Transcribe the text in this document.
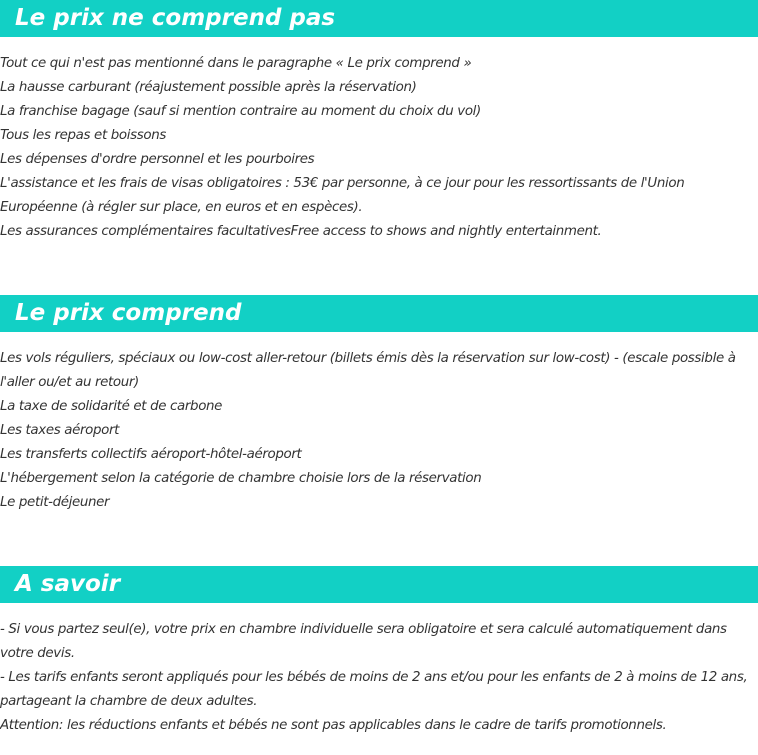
Le prix ne comprend pas

Tout ce qui n'est pas mentionné dans le paragraphe « Le prix comprend »

La hausse carburant (réajustement possible après la réservation)

La franchise bagage (sauf si mention contraire au moment du choix du vol)

Tous les repas et boissons

Les dépenses d'ordre personnel et les pourboires

L'assistance et les frais de visas obligatoires : 53€ par personne, à ce jour pour les ressortissants de l'Union Européenne (à régler sur place, en euros et en espèces).

Les assurances complémentaires facultativesFree access to shows and nightly entertainment.

Le prix comprend

Les vols réguliers, spéciaux ou low-cost aller-retour (billets émis dès la réservation sur low-cost) - (escale possible à l'aller ou/et au retour)

La taxe de solidarité et de carbone

Les taxes aéroport

Les transferts collectifs aéroport-hôtel-aéroport

L'hébergement selon la catégorie de chambre choisie lors de la réservation

Le petit-déjeuner

A savoir

- Si vous partez seul(e), votre prix en chambre individuelle sera obligatoire et sera calculé automatiquement dans votre devis.

- Les tarifs enfants seront appliqués pour les bébés de moins de 2 ans et/ou pour les enfants de 2 à moins de 12 ans, partageant la chambre de deux adultes.

Attention: les réductions enfants et bébés ne sont pas applicables dans le cadre de tarifs promotionnels.
